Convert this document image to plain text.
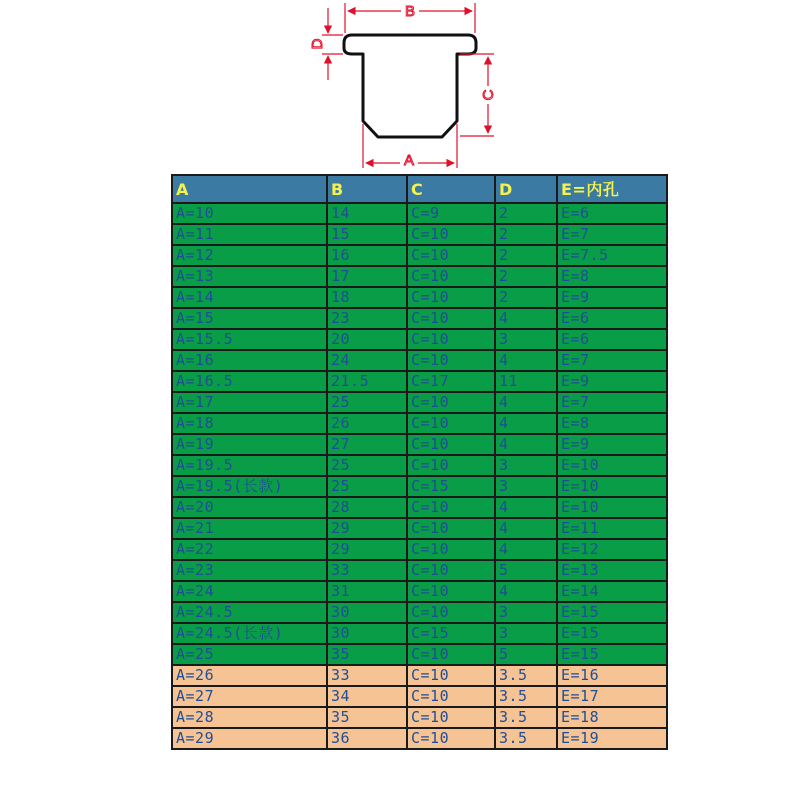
B
D
C
A
A	B	C	D	E=内孔
A=10	14	C=9	2	E=6
A=11	15	C=10	2	E=7
A=12	16	C=10	2	E=7.5
A=13	17	C=10	2	E=8
A=14	18	C=10	2	E=9
A=15	23	C=10	4	E=6
A=15.5	20	C=10	3	E=6
A=16	24	C=10	4	E=7
A=16.5	21.5	C=17	11	E=9
A=17	25	C=10	4	E=7
A=18	26	C=10	4	E=8
A=19	27	C=10	4	E=9
A=19.5	25	C=10	3	E=10
A=19.5(长款)	25	C=15	3	E=10
A=20	28	C=10	4	E=10
A=21	29	C=10	4	E=11
A=22	29	C=10	4	E=12
A=23	33	C=10	5	E=13
A=24	31	C=10	4	E=14
A=24.5	30	C=10	3	E=15
A=24.5(长款)	30	C=15	3	E=15
A=25	35	C=10	5	E=15
A=26	33	C=10	3.5	E=16
A=27	34	C=10	3.5	E=17
A=28	35	C=10	3.5	E=18
A=29	36	C=10	3.5	E=19
